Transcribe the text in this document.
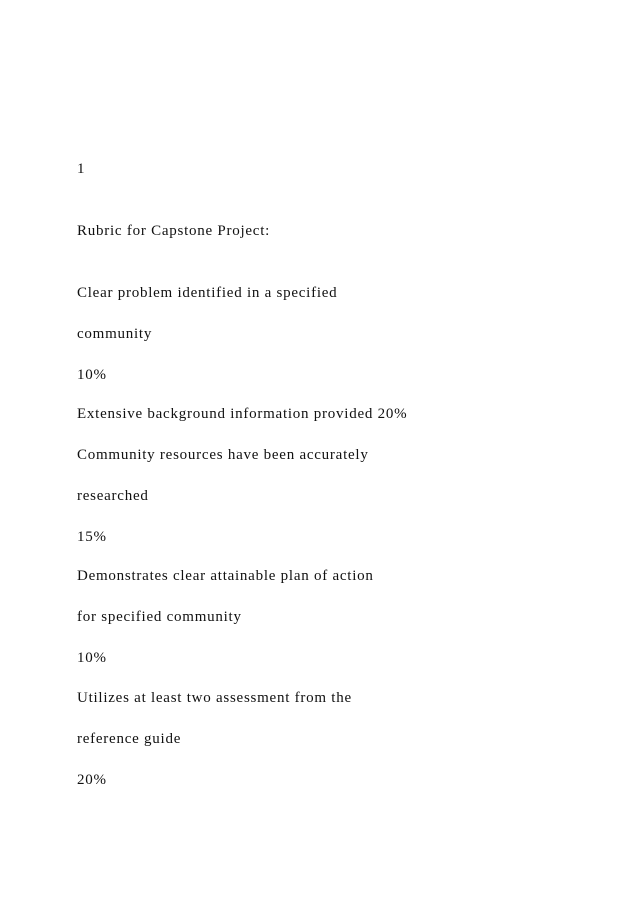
1

Rubric for Capstone Project:

Clear problem identified in a specified

community

10%

Extensive background information provided 20%

Community resources have been accurately

researched

15%

Demonstrates clear attainable plan of action

for specified community

10%

Utilizes at least two assessment from the

reference guide

20%
